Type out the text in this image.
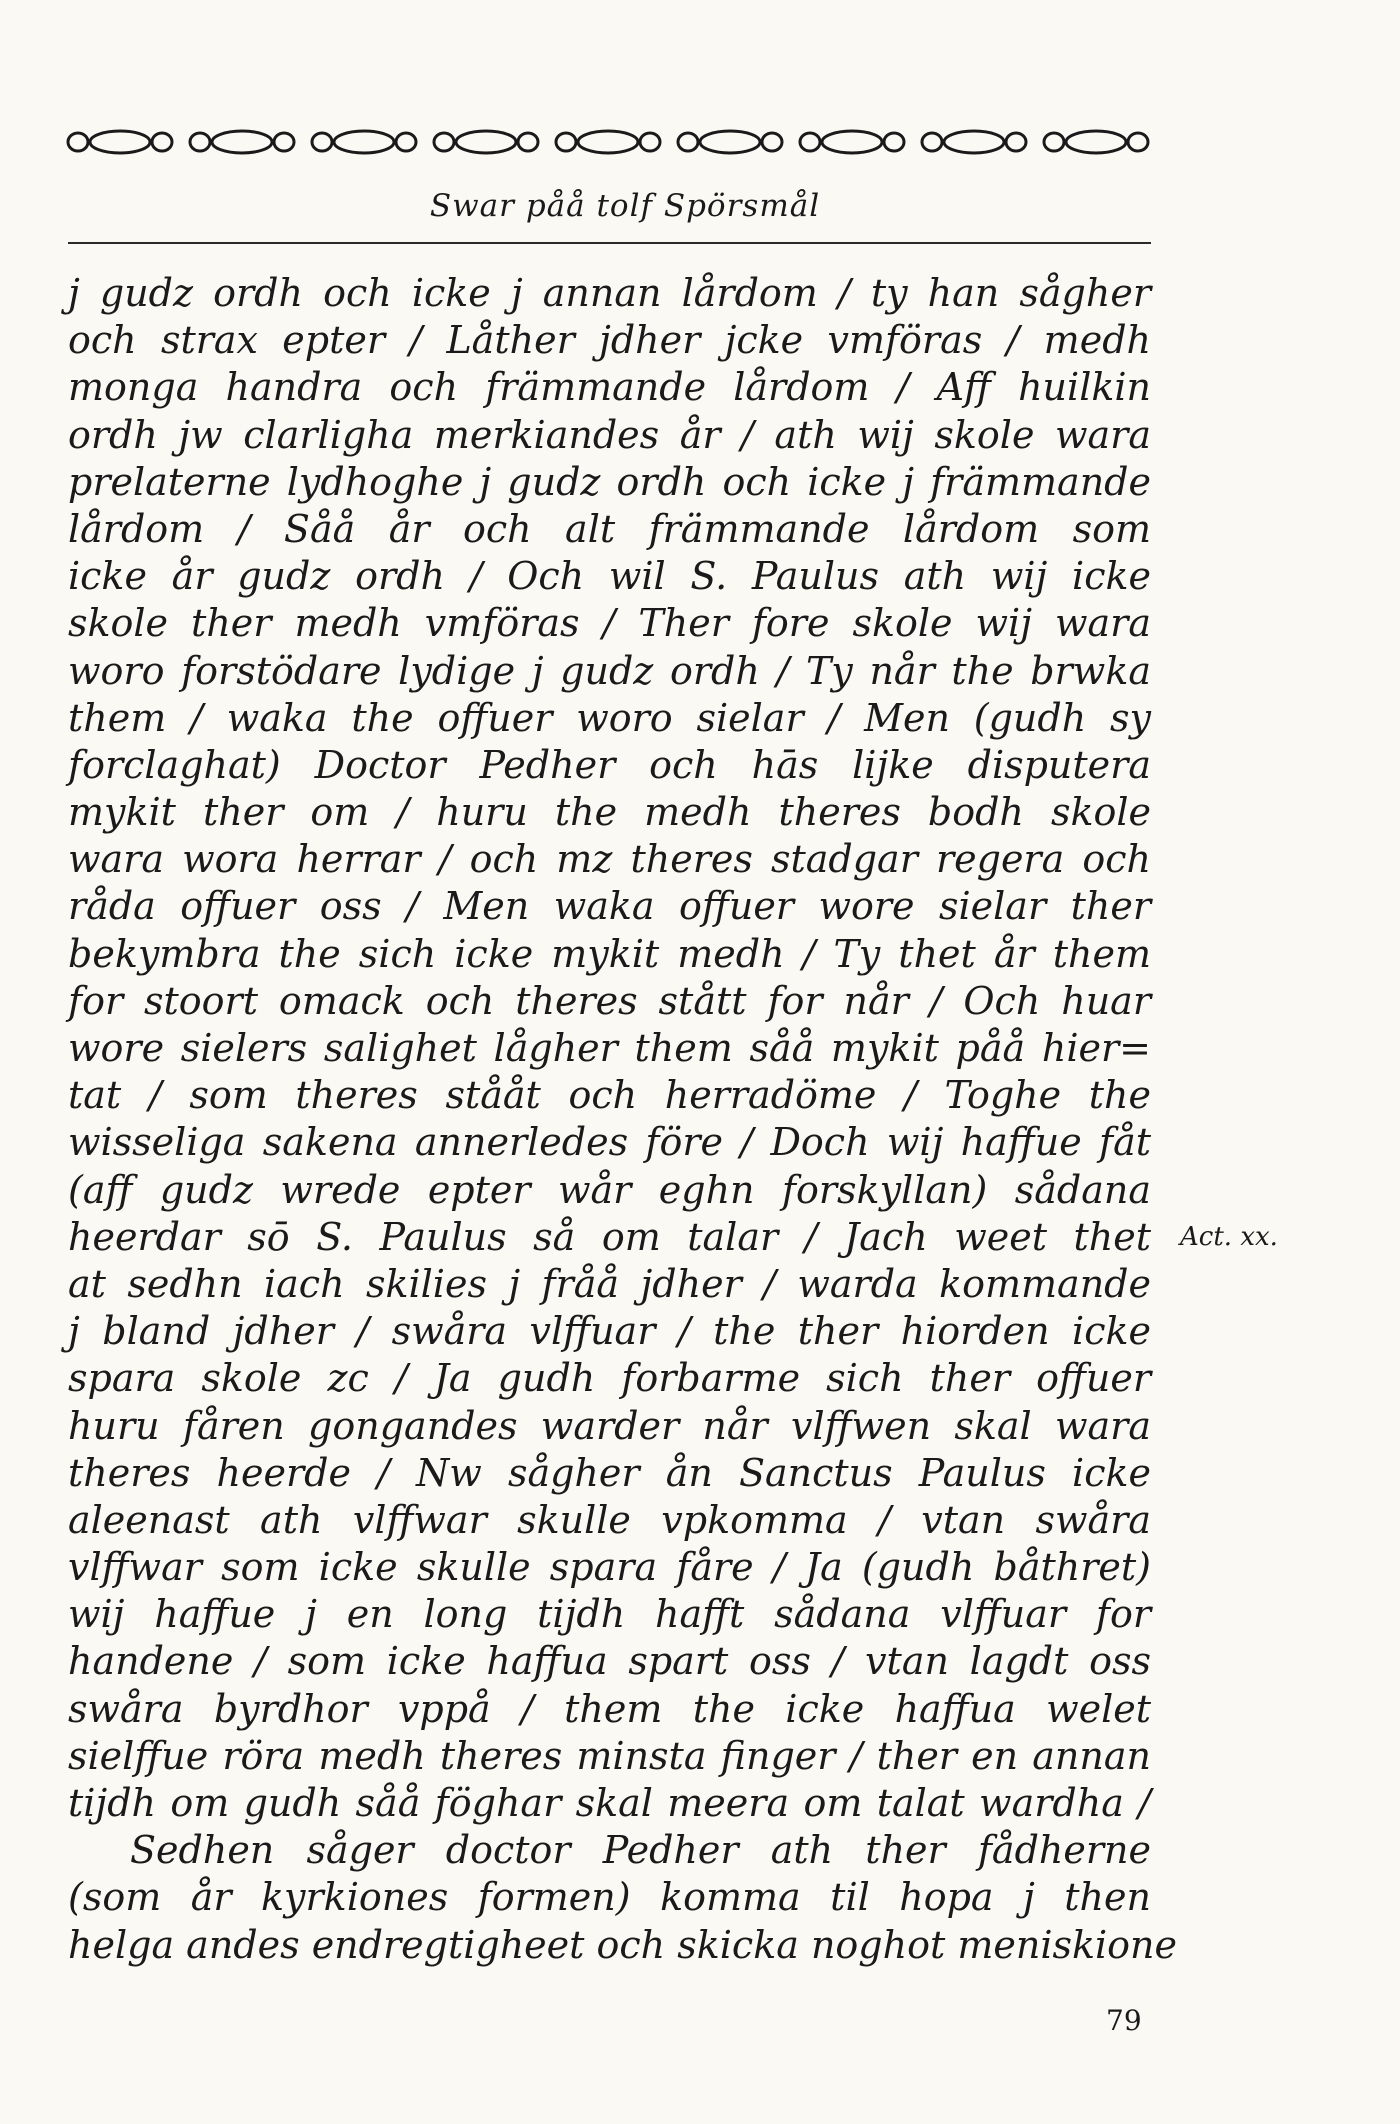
Swar påå tolf Spörsmål
j gudz ordh och icke j annan lårdom / ty han sågher
och strax epter / Låther jdher jcke vmföras / medh
monga handra och främmande lårdom / Aff huilkin
ordh jw clarligha merkiandes år / ath wij skole wara
prelaterne lydhoghe j gudz ordh och icke j främmande
lårdom / Såå år och alt främmande lårdom som
icke år gudz ordh / Och wil S. Paulus ath wij icke
skole ther medh vmföras / Ther fore skole wij wara
woro forstödare lydige j gudz ordh / Ty når the brwka
them / waka the offuer woro sielar / Men (gudh sy
forclaghat) Doctor Pedher och hās lijke disputera
mykit ther om / huru the medh theres bodh skole
wara wora herrar / och mz theres stadgar regera och
råda offuer oss / Men waka offuer wore sielar ther
bekymbra the sich icke mykit medh / Ty thet år them
for stoort omack och theres stått for når / Och huar
wore sielers salighet lågher them såå mykit påå hier=
tat / som theres stååt och herradöme / Toghe the
wisseliga sakena annerledes före / Doch wij haffue fåt
(aff gudz wrede epter wår eghn forskyllan) sådana
heerdar sō S. Paulus så om talar / Jach weet thet
at sedhn iach skilies j fråå jdher / warda kommande
j bland jdher / swåra vlffuar / the ther hiorden icke
spara skole zc / Ja gudh forbarme sich ther offuer
huru fåren gongandes warder når vlffwen skal wara
theres heerde / Nw sågher ån Sanctus Paulus icke
aleenast ath vlffwar skulle vpkomma / vtan swåra
vlffwar som icke skulle spara fåre / Ja (gudh båthret)
wij haffue j en long tijdh hafft sådana vlffuar for
handene / som icke haffua spart oss / vtan lagdt oss
swåra byrdhor vppå / them the icke haffua welet
sielffue röra medh theres minsta finger / ther en annan
tijdh om gudh såå föghar skal meera om talat wardha /
Sedhen såger doctor Pedher ath ther fådherne
(som år kyrkiones formen) komma til hopa j then
helga andes endregtigheet och skicka noghot meniskione
Act. xx.
79
